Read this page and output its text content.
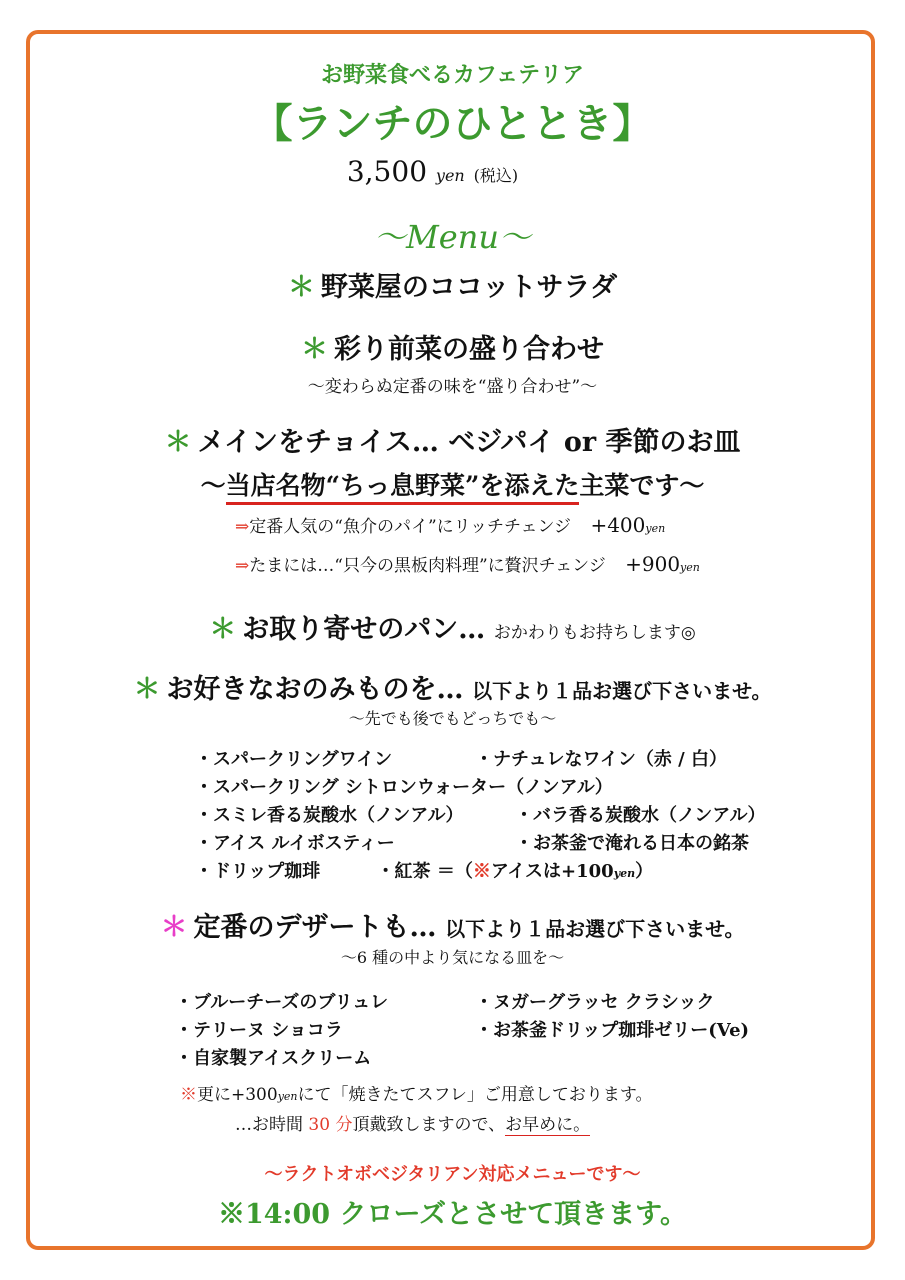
お野菜食べるカフェテリア
【ランチのひととき】
3,500 yen (税込)
～Menu～
＊ 野菜屋のココットサラダ
＊ 彩り前菜の盛り合わせ
～変わらぬ定番の味を“盛り合わせ”～
＊ メインをチョイス… ベジパイ or 季節のお皿
～当店名物“ちっ息野菜”を添えた主菜です～
⇒定番人気の“魚介のパイ”にリッチチェンジ +400yen
⇒たまには…“只今の黒板肉料理”に贅沢チェンジ +900yen
＊ お取り寄せのパン… おかわりもお持ちします◎
＊ お好きなおのみものを… 以下より１品お選び下さいませ。
～先でも後でもどっちでも～
・スパークリングワイン	・ナチュレなワイン（赤 / 白）
・スパークリング シトロンウォーター（ノンアル）
・スミレ香る炭酸水（ノンアル）	・バラ香る炭酸水（ノンアル）
・アイス ルイボスティー	・お茶釜で淹れる日本の銘茶
・ドリップ珈琲	・紅茶 ＝（※アイスは+100yen）
＊ 定番のデザートも… 以下より１品お選び下さいませ。
～6 種の中より気になる皿を～
・ブルーチーズのブリュレ	・ヌガーグラッセ クラシック
・テリーヌ ショコラ	・お茶釜ドリップ珈琲ゼリー(Ve)
・自家製アイスクリーム
※更に+300yenにて「焼きたてスフレ」ご用意しております。
…お時間 30 分頂戴致しますので、お早めに。
～ラクトオボベジタリアン対応メニューです～
※14:00 クローズとさせて頂きます。
